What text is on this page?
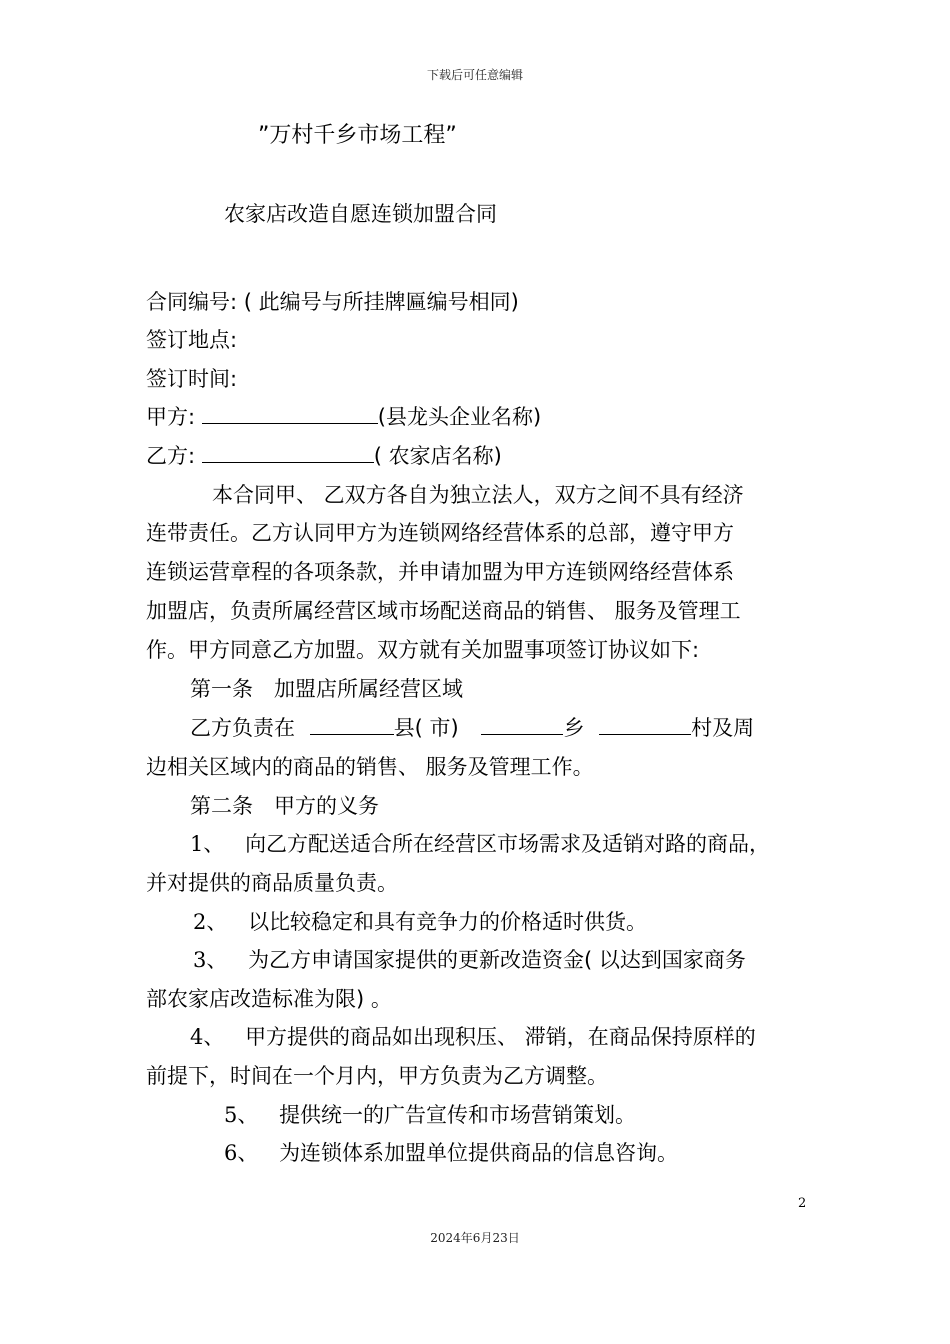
下载后可任意编辑
”万村千乡市场工程”
农家店改造自愿连锁加盟合同
合同编号: ( 此编号与所挂牌匾编号相同)
签订地点:
签订时间:
甲方:	(县龙头企业名称)
乙方:	( 农家店名称)
本合同甲、 乙双方各自为独立法人，双方之间不具有经济
连带责任。乙方认同甲方为连锁网络经营体系的总部，遵守甲方
连锁运营章程的各项条款，并申请加盟为甲方连锁网络经营体系
加盟店，负责所属经营区域市场配送商品的销售、 服务及管理工
作。甲方同意乙方加盟。双方就有关加盟事项签订协议如下:
第一条　加盟店所属经营区域
乙方负责在	县( 市)	乡	村及周
边相关区域内的商品的销售、 服务及管理工作。
第二条　甲方的义务
1、 向乙方配送适合所在经营区市场需求及适销对路的商品，
并对提供的商品质量负责。
2、 以比较稳定和具有竞争力的价格适时供货。
3、 为乙方申请国家提供的更新改造资金( 以达到国家商务
部农家店改造标准为限) 。
4、 甲方提供的商品如出现积压、 滞销，在商品保持原样的
前提下，时间在一个月内，甲方负责为乙方调整。
5、 提供统一的广告宣传和市场营销策划。
6、 为连锁体系加盟单位提供商品的信息咨询。
2
2024年6月23日
